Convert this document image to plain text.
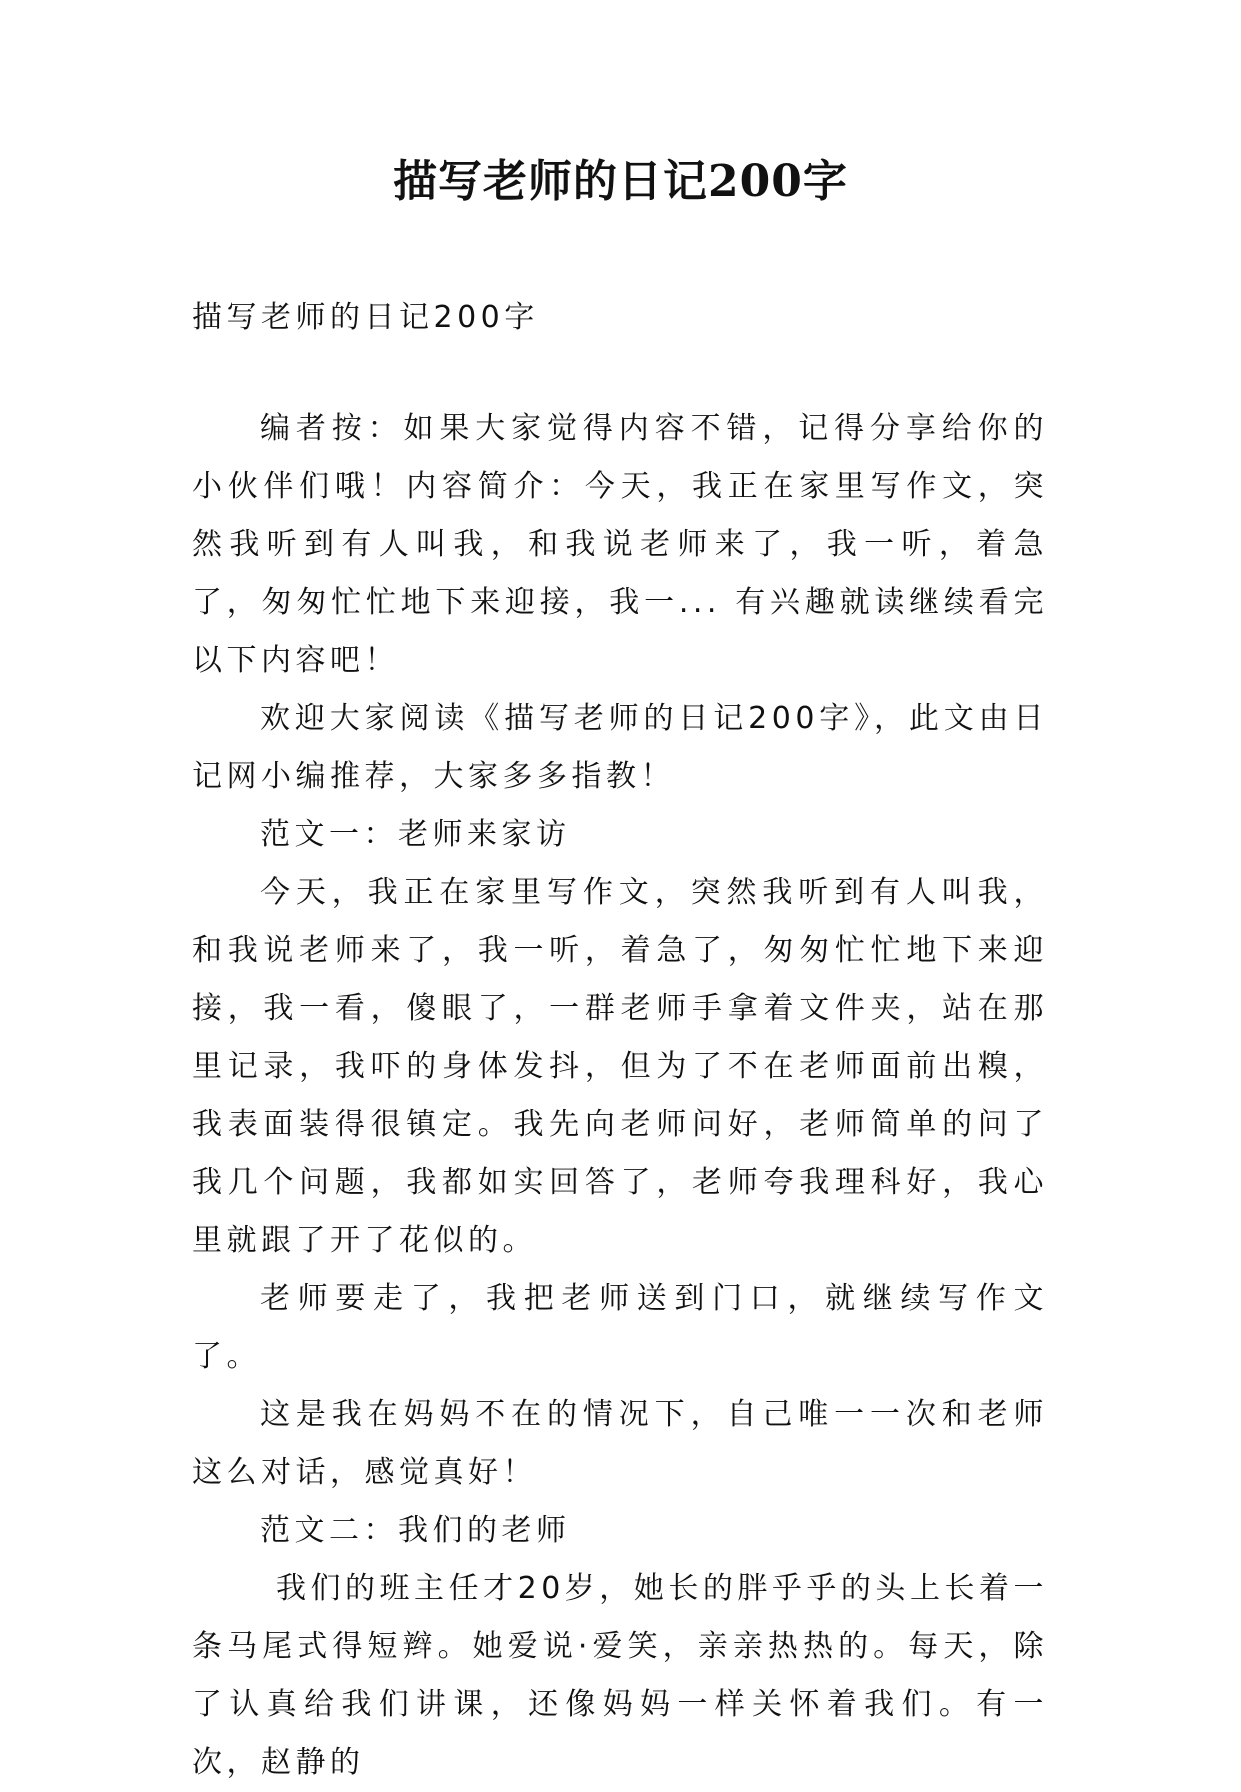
描写老师的日记200字

描写老师的日记200字

编者按：如果大家觉得内容不错，记得分享给你的小伙伴们哦！内容简介：今天，我正在家里写作文，突然我听到有人叫我，和我说老师来了，我一听，着急了，匆匆忙忙地下来迎接，我一... 有兴趣就读继续看完以下内容吧！

欢迎大家阅读《描写老师的日记200字》，此文由日记网小编推荐，大家多多指教！

范文一：老师来家访

今天，我正在家里写作文，突然我听到有人叫我，和我说老师来了，我一听，着急了，匆匆忙忙地下来迎接，我一看，傻眼了，一群老师手拿着文件夹，站在那里记录，我吓的身体发抖，但为了不在老师面前出糗，我表面装得很镇定。我先向老师问好，老师简单的问了我几个问题，我都如实回答了，老师夸我理科好，我心里就跟了开了花似的。

老师要走了，我把老师送到门口，就继续写作文了。

这是我在妈妈不在的情况下，自己唯一一次和老师这么对话，感觉真好！

范文二：我们的老师

我们的班主任才20岁，她长的胖乎乎的头上长着一条马尾式得短辫。她爱说·爱笑，亲亲热热的。每天，除了认真给我们讲课，还像妈妈一样关怀着我们。有一次，赵静的
